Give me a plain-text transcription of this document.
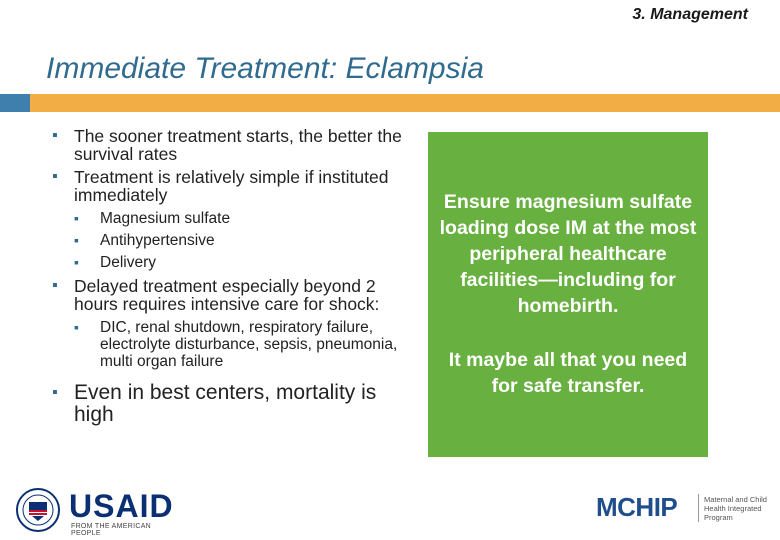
3. Management
Immediate Treatment: Eclampsia
▪ The sooner treatment starts, the better the survival rates
▪ Treatment is relatively simple if instituted immediately
▪ Magnesium sulfate
▪ Antihypertensive
▪ Delivery
▪ Delayed treatment especially beyond 2 hours requires intensive care for shock:
▪ DIC, renal shutdown, respiratory failure, electrolyte disturbance, sepsis, pneumonia, multi organ failure
▪ Even in best centers, mortality is high
Ensure magnesium sulfate loading dose IM at the most peripheral healthcare facilities—including for homebirth.
It maybe all that you need for safe transfer.
USAID
FROM THE AMERICAN PEOPLE
MCHIP	Maternal and Child Health Integrated Program
